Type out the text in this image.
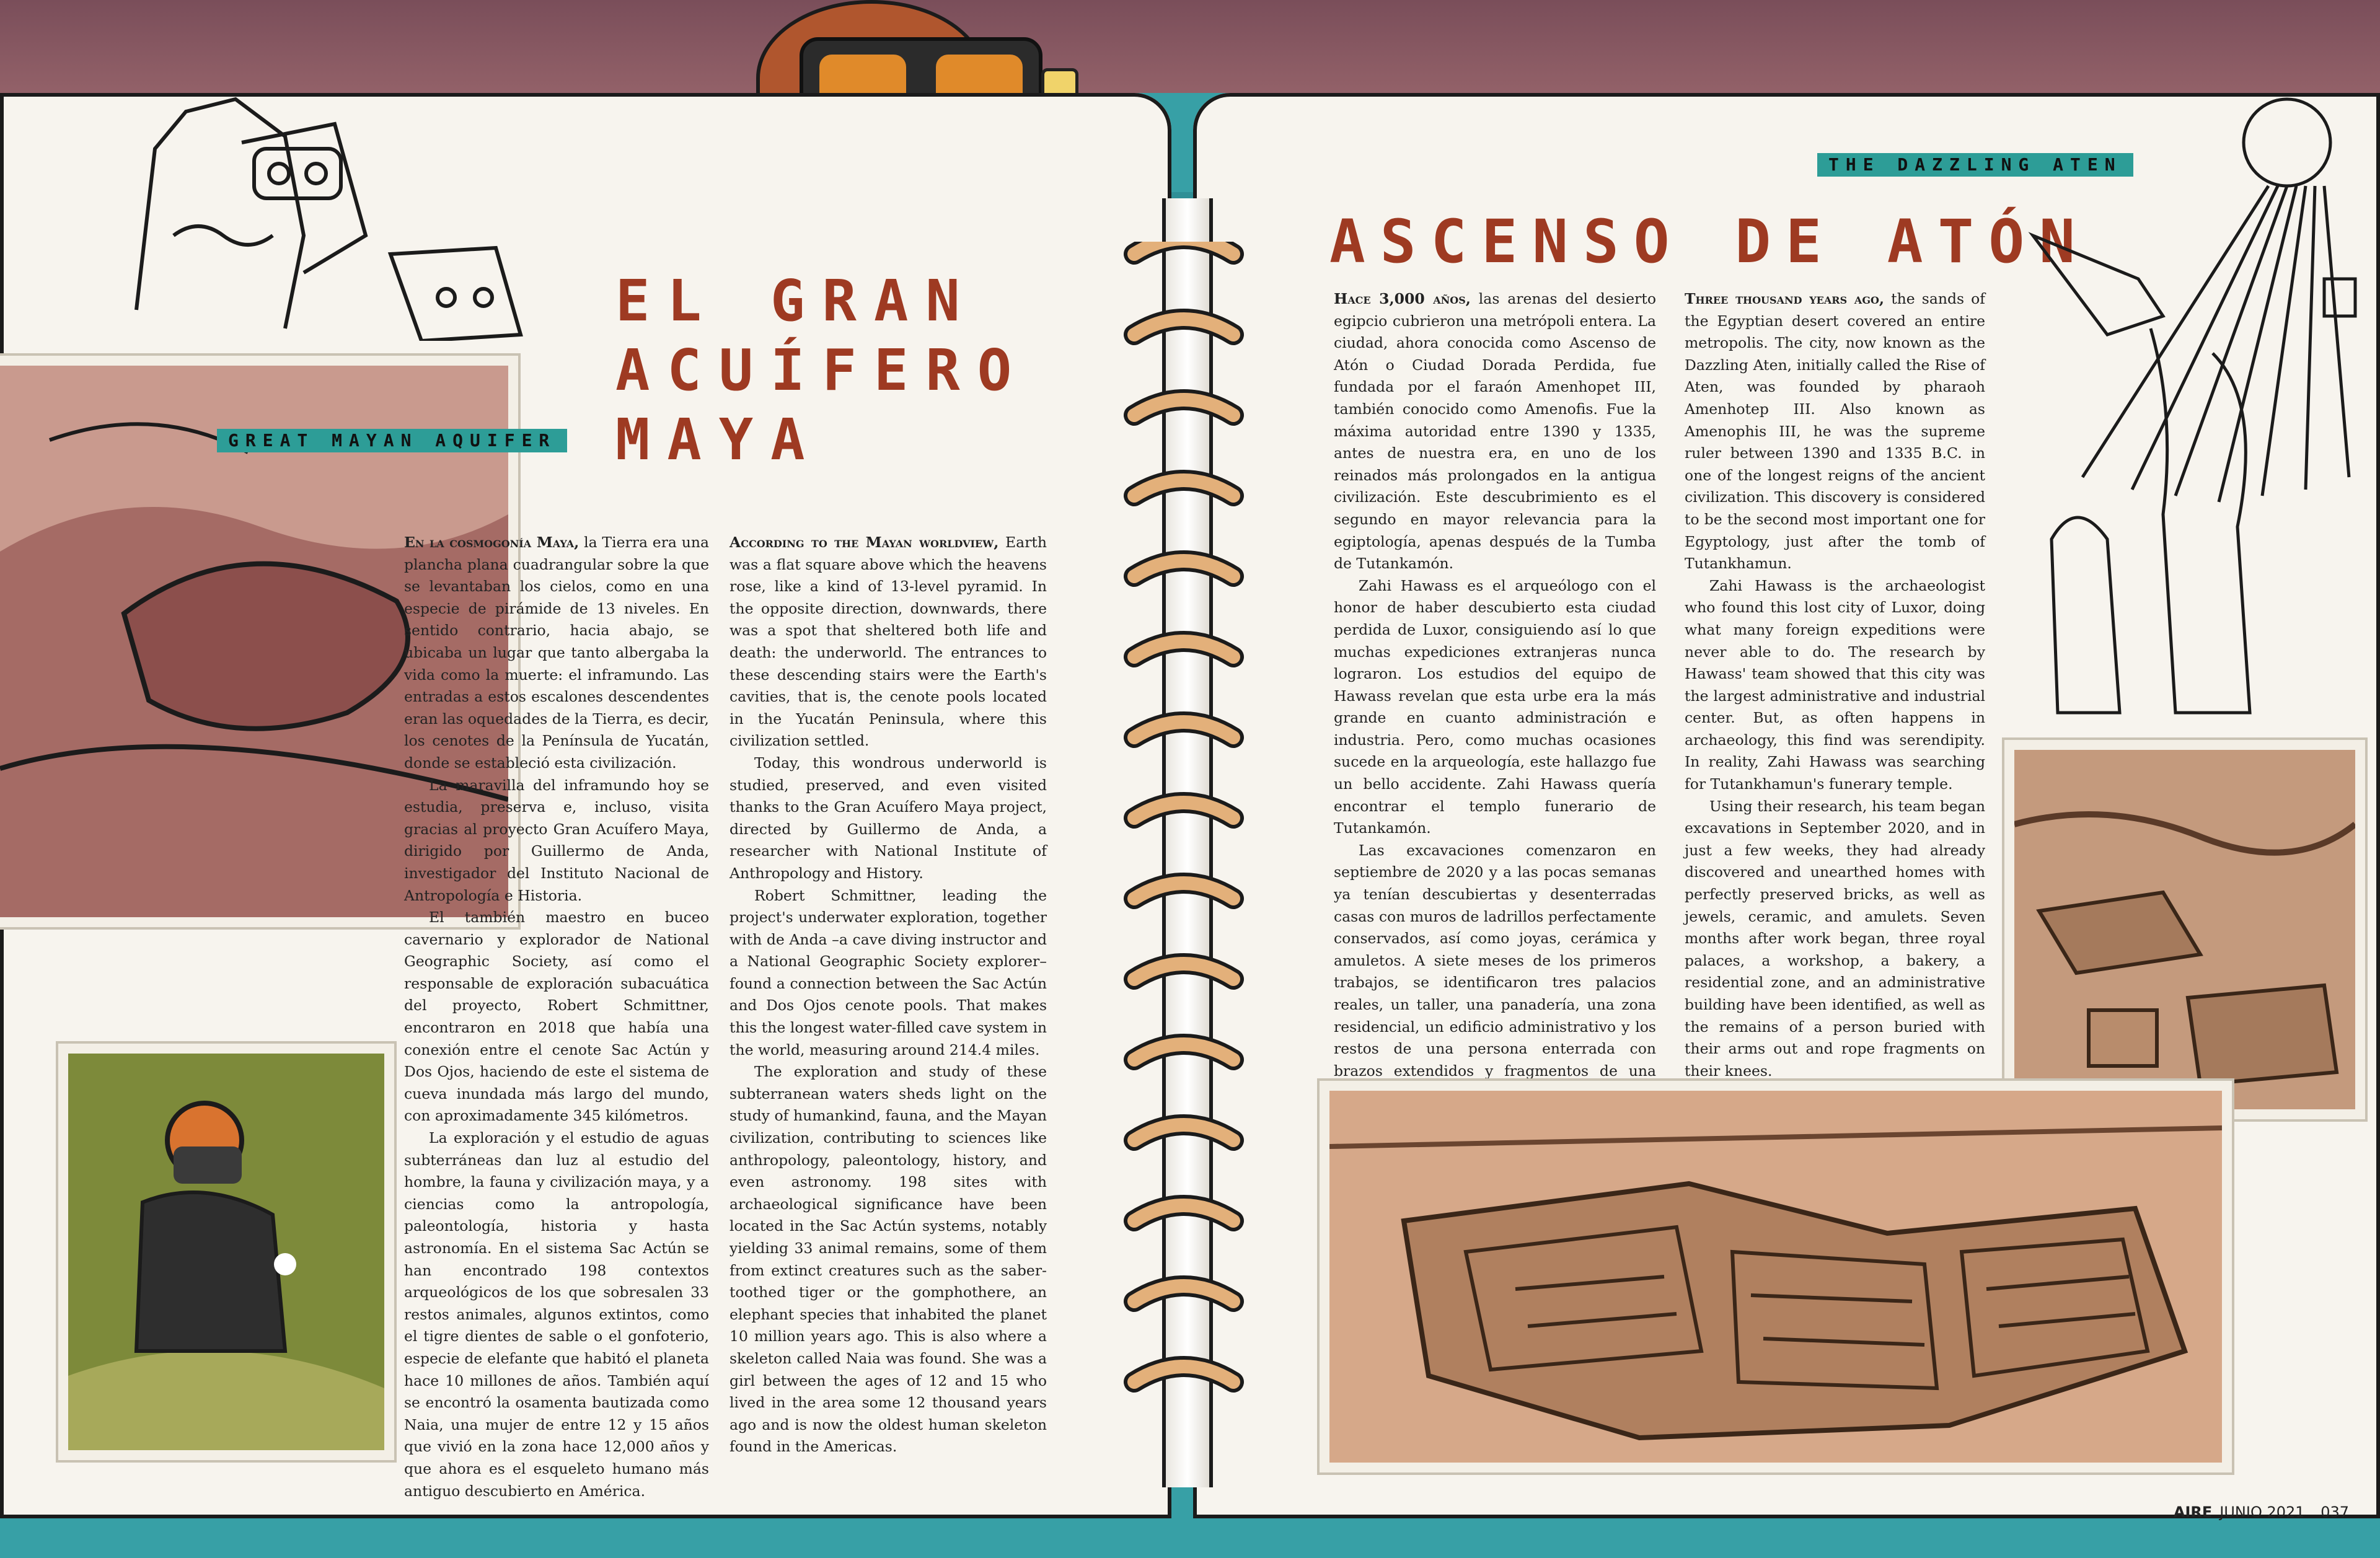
GREAT MAYAN AQUIFER
EL GRAN
ACUÍFERO
MAYA

En la cosmogonía Maya, la Tierra era una plancha plana cuadrangular sobre la que se levantaban los cielos, como en una especie de pirámide de 13 niveles. En sentido contrario, hacia abajo, se ubicaba un lugar que tanto albergaba la vida como la muerte: el inframundo. Las entradas a estos escalones descendentes eran las oquedades de la Tierra, es decir, los cenotes de la Península de Yucatán, donde se estableció esta civilización.

La maravilla del inframundo hoy se estudia, preserva e, incluso, visita gracias al proyecto Gran Acuífero Maya, dirigido por Guillermo de Anda, investigador del Instituto Nacional de Antropología e Historia.

El también maestro en buceo cavernario y explorador de National Geographic Society, así como el responsable de exploración subacuática del proyecto, Robert Schmittner, encontraron en 2018 que había una conexión entre el cenote Sac Actún y Dos Ojos, haciendo de este el sistema de cueva inundada más largo del mundo, con aproximadamente 345 kilómetros.

La exploración y el estudio de aguas subterráneas dan luz al estudio del hombre, la fauna y civilización maya, y a ciencias como la antropología, paleontología, historia y hasta astronomía. En el sistema Sac Actún se han encontrado 198 contextos arqueológicos de los que sobresalen 33 restos animales, algunos extintos, como el tigre dientes de sable o el gonfoterio, especie de elefante que habitó el planeta hace 10 millones de años. También aquí se encontró la osamenta bautizada como Naia, una mujer de entre 12 y 15 años que vivió en la zona hace 12,000 años y que ahora es el esqueleto humano más antiguo descubierto en América.

According to the Mayan worldview, Earth was a flat square above which the heavens rose, like a kind of 13-level pyramid. In the opposite direction, downwards, there was a spot that sheltered both life and death: the underworld. The entrances to these descending stairs were the Earth's cavities, that is, the cenote pools located in the Yucatán Peninsula, where this civilization settled.

Today, this wondrous underworld is studied, preserved, and even visited thanks to the Gran Acuífero Maya project, directed by Guillermo de Anda, a researcher with National Institute of Anthropology and History.

Robert Schmittner, leading the project's underwater exploration, together with de Anda –a cave diving instructor and a National Geographic Society explorer– found a connection between the Sac Actún and Dos Ojos cenote pools. That makes this the longest water-filled cave system in the world, measuring around 214.4 miles.

The exploration and study of these subterranean waters sheds light on the study of humankind, fauna, and the Mayan civilization, contributing to sciences like anthropology, paleontology, history, and even astronomy. 198 sites with archaeological significance have been located in the Sac Actún systems, notably yielding 33 animal remains, some of them from extinct creatures such as the saber-toothed tiger or the gomphothere, an elephant species that inhabited the planet 10 million years ago. This is also where a skeleton called Naia was found. She was a girl between the ages of 12 and 15 who lived in the area some 12 thousand years ago and is now the oldest human skeleton found in the Americas.

THE DAZZLING ATEN
ASCENSO DE ATÓN

Hace 3,000 años, las arenas del desierto egipcio cubrieron una metrópoli entera. La ciudad, ahora conocida como Ascenso de Atón o Ciudad Dorada Perdida, fue fundada por el faraón Amenhopet III, también conocido como Amenofis. Fue la máxima autoridad entre 1390 y 1335, antes de nuestra era, en uno de los reinados más prolongados en la antigua civilización. Este descubrimiento es el segundo en mayor relevancia para la egiptología, apenas después de la Tumba de Tutankamón.

Zahi Hawass es el arqueólogo con el honor de haber descubierto esta ciudad perdida de Luxor, consiguiendo así lo que muchas expediciones extranjeras nunca lograron. Los estudios del equipo de Hawass revelan que esta urbe era la más grande en cuanto administración e industria. Pero, como muchas ocasiones sucede en la arqueología, este hallazgo fue un bello accidente. Zahi Hawass quería encontrar el templo funerario de Tutankamón.

Las excavaciones comenzaron en septiembre de 2020 y a las pocas semanas ya tenían descubiertas y desenterradas casas con muros de ladrillos perfectamente conservados, así como joyas, cerámica y amuletos. A siete meses de los primeros trabajos, se identificaron tres palacios reales, un taller, una panadería, una zona residencial, un edificio administrativo y los restos de una persona enterrada con brazos extendidos y fragmentos de una

Three thousand years ago, the sands of the Egyptian desert covered an entire metropolis. The city, now known as the Dazzling Aten, initially called the Rise of Aten, was founded by pharaoh Amenhotep III. Also known as Amenophis III, he was the supreme ruler between 1390 and 1335 B.C. in one of the longest reigns of the ancient civilization. This discovery is considered to be the second most important one for Egyptology, just after the tomb of Tutankhamun.

Zahi Hawass is the archaeologist who found this lost city of Luxor, doing what many foreign expeditions were never able to do. The research by Hawass' team showed that this city was the largest administrative and industrial center. But, as often happens in archaeology, this find was serendipity. In reality, Zahi Hawass was searching for Tutankhamun's funerary temple.

Using their research, his team began excavations in September 2020, and in just a few weeks, they had already discovered and unearthed homes with perfectly preserved bricks, as well as jewels, ceramic, and amulets. Seven months after work began, three royal palaces, a workshop, a bakery, a residential zone, and an administrative building have been identified, as well as the remains of a person buried with their arms out and rope fragments on their knees.

AIRE JUNIO 2021 037
